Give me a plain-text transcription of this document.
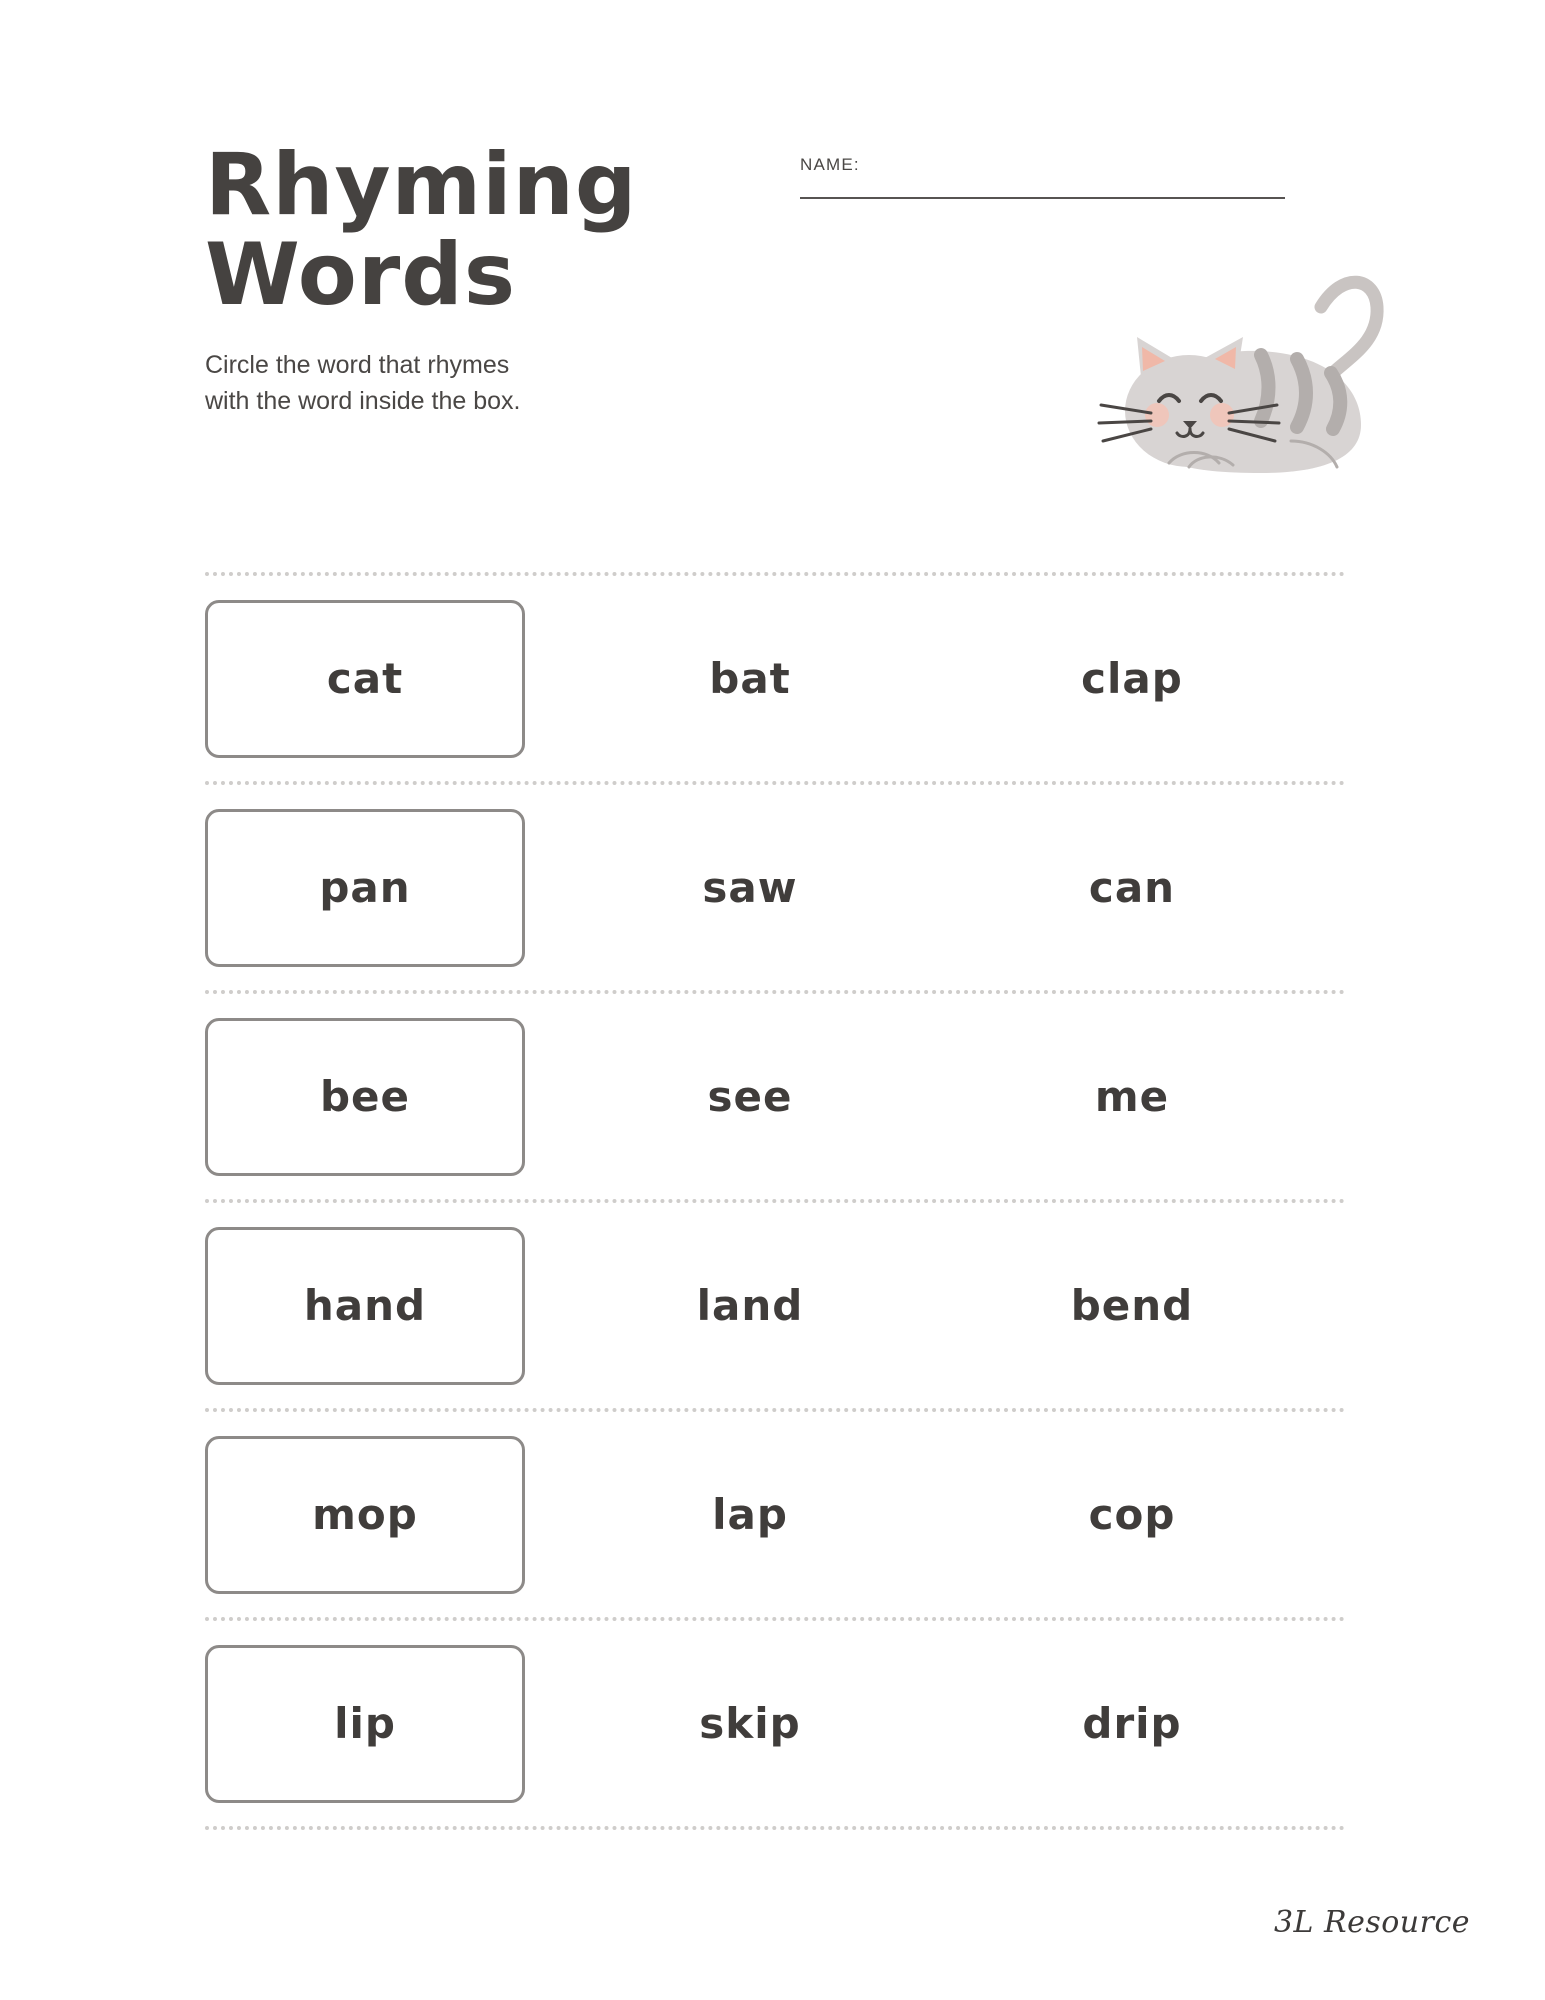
Rhyming
Words
Circle the word that rhymes
with the word inside the box.
NAME:
cat	bat	clap
pan	saw	can
bee	see	me
hand	land	bend
mop	lap	cop
lip	skip	drip
3L Resource
